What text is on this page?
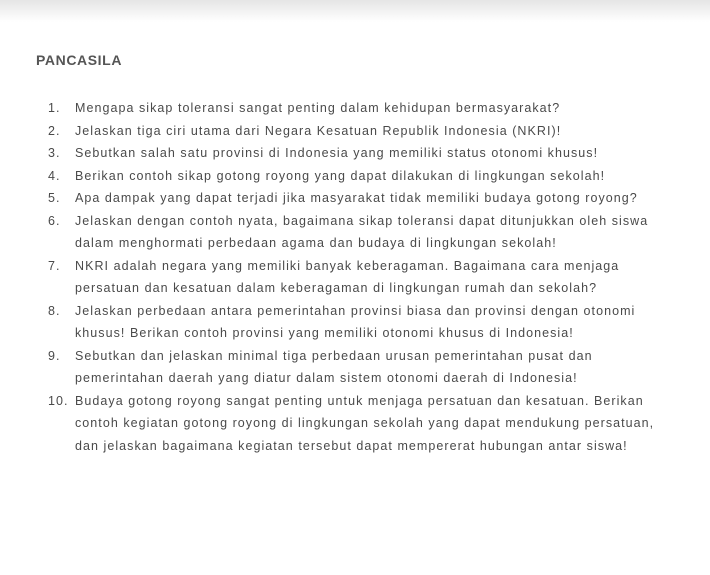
PANCASILA
1.	Mengapa sikap toleransi sangat penting dalam kehidupan bermasyarakat?
2.	Jelaskan tiga ciri utama dari Negara Kesatuan Republik Indonesia (NKRI)!
3.	Sebutkan salah satu provinsi di Indonesia yang memiliki status otonomi khusus!
4.	Berikan contoh sikap gotong royong yang dapat dilakukan di lingkungan sekolah!
5.	Apa dampak yang dapat terjadi jika masyarakat tidak memiliki budaya gotong royong?
6.	Jelaskan dengan contoh nyata, bagaimana sikap toleransi dapat ditunjukkan oleh siswa dalam menghormati perbedaan agama dan budaya di lingkungan sekolah!
7.	NKRI adalah negara yang memiliki banyak keberagaman. Bagaimana cara menjaga persatuan dan kesatuan dalam keberagaman di lingkungan rumah dan sekolah?
8.	Jelaskan perbedaan antara pemerintahan provinsi biasa dan provinsi dengan otonomi khusus! Berikan contoh provinsi yang memiliki otonomi khusus di Indonesia!
9.	Sebutkan dan jelaskan minimal tiga perbedaan urusan pemerintahan pusat dan pemerintahan daerah yang diatur dalam sistem otonomi daerah di Indonesia!
10. Budaya gotong royong sangat penting untuk menjaga persatuan dan kesatuan. Berikan contoh kegiatan gotong royong di lingkungan sekolah yang dapat mendukung persatuan, dan jelaskan bagaimana kegiatan tersebut dapat mempererat hubungan antar siswa!
